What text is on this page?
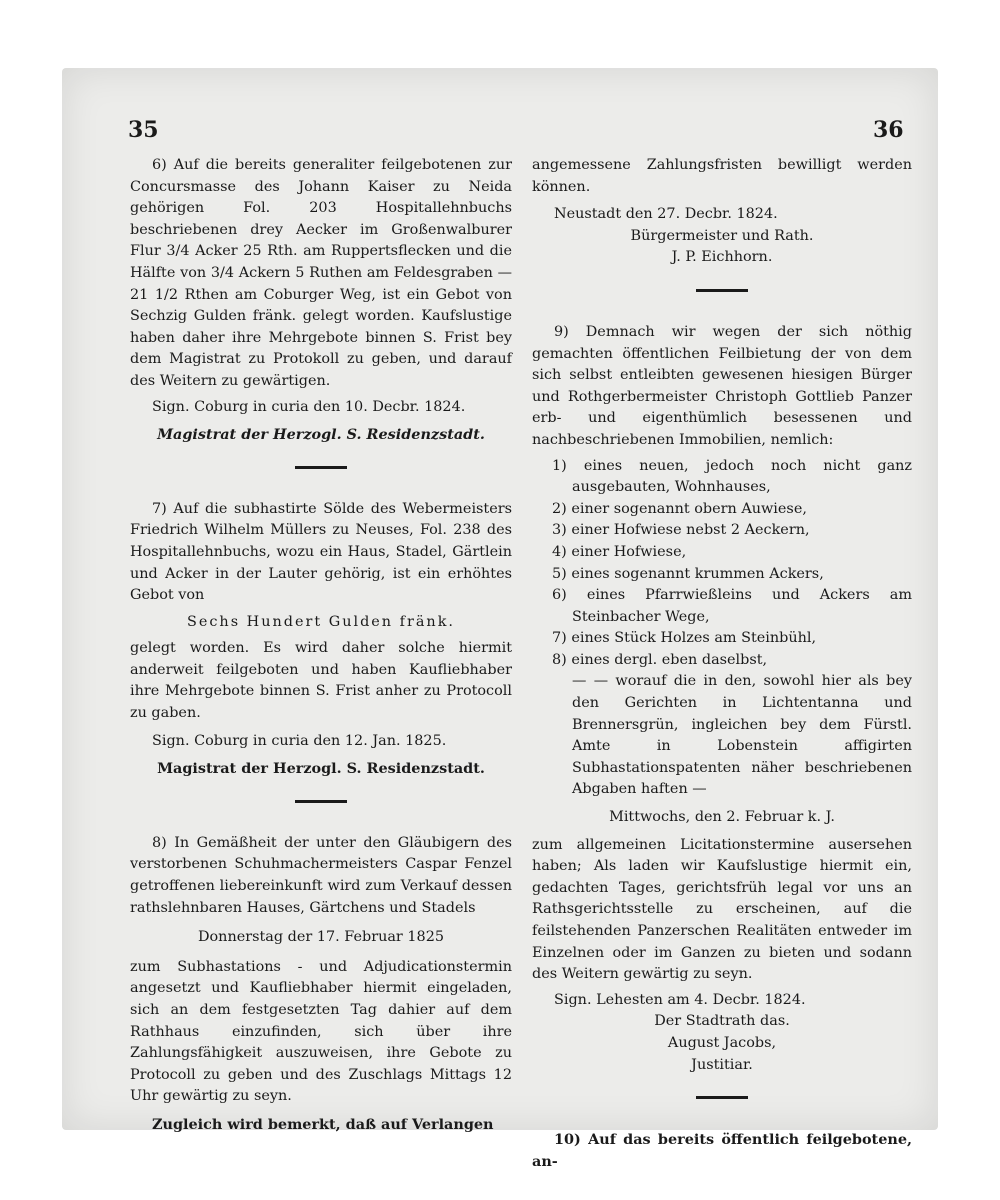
35	36

6) Auf die bereits generaliter feilgebotenen zur Concursmasse des Johann Kaiser zu Neida gehörigen Fol. 203 Hospitallehnbuchs beschriebenen drey Aecker im Großenwalburer Flur 3/4 Acker 25 Rth. am Ruppertsflecken und die Hälfte von 3/4 Ackern 5 Ruthen am Feldesgraben — 21 1/2 Rthen am Coburger Weg, ist ein Gebot von Sechzig Gulden fränk. gelegt worden. Kaufslustige haben daher ihre Mehrgebote binnen S. Frist bey dem Magistrat zu Protokoll zu geben, und darauf des Weitern zu gewärtigen.

Sign. Coburg in curia den 10. Decbr. 1824.

Magistrat der Herzogl. S. Residenzstadt.

7) Auf die subhastirte Sölde des Webermeisters Friedrich Wilhelm Müllers zu Neuses, Fol. 238 des Hospitallehnbuchs, wozu ein Haus, Stadel, Gärtlein und Acker in der Lauter gehörig, ist ein erhöhtes Gebot von

Sechs Hundert Gulden fränk.

gelegt worden. Es wird daher solche hiermit anderweit feilgeboten und haben Kaufliebhaber ihre Mehrgebote binnen S. Frist anher zu Protocoll zu gaben.

Sign. Coburg in curia den 12. Jan. 1825.

Magistrat der Herzogl. S. Residenzstadt.

8) In Gemäßheit der unter den Gläubigern des verstorbenen Schuhmachermeisters Caspar Fenzel getroffenen liebereinkunft wird zum Verkauf dessen rathslehnbaren Hauses, Gärtchens und Stadels

Donnerstag der 17. Februar 1825

zum Subhastations - und Adjudicationstermin angesetzt und Kaufliebhaber hiermit eingeladen, sich an dem festgesetzten Tag dahier auf dem Rathhaus einzufinden, sich über ihre Zahlungsfähigkeit auszuweisen, ihre Gebote zu Protocoll zu geben und des Zuschlags Mittags 12 Uhr gewärtig zu seyn.

Zugleich wird bemerkt, daß auf Verlangen

angemessene Zahlungsfristen bewilligt werden können.

Neustadt den 27. Decbr. 1824.

Bürgermeister und Rath.

J. P. Eichhorn.

9) Demnach wir wegen der sich nöthig gemachten öffentlichen Feilbietung der von dem sich selbst entleibten gewesenen hiesigen Bürger und Rothgerbermeister Christoph Gottlieb Panzer erb- und eigenthümlich besessenen und nachbeschriebenen Immobilien, nemlich:

1) eines neuen, jedoch noch nicht ganz ausgebauten, Wohnhauses,

2) einer sogenannt obern Auwiese,

3) einer Hofwiese nebst 2 Aeckern,

4) einer Hofwiese,

5) eines sogenannt krummen Ackers,

6) eines Pfarrwießleins und Ackers am Steinbacher Wege,

7) eines Stück Holzes am Steinbühl,

8) eines dergl. eben daselbst,

— — worauf die in den, sowohl hier als bey den Gerichten in Lichtentanna und Brennersgrün, ingleichen bey dem Fürstl. Amte in Lobenstein affigirten Subhastationspatenten näher beschriebenen Abgaben haften —

Mittwochs, den 2. Februar k. J.

zum allgemeinen Licitationstermine ausersehen haben; Als laden wir Kaufslustige hiermit ein, gedachten Tages, gerichtsfrüh legal vor uns an Rathsgerichtsstelle zu erscheinen, auf die feilstehenden Panzerschen Realitäten entweder im Einzelnen oder im Ganzen zu bieten und sodann des Weitern gewärtig zu seyn.

Sign. Lehesten am 4. Decbr. 1824.

Der Stadtrath das.

August Jacobs,

Justitiar.

10) Auf das bereits öffentlich feilgebotene, an-
